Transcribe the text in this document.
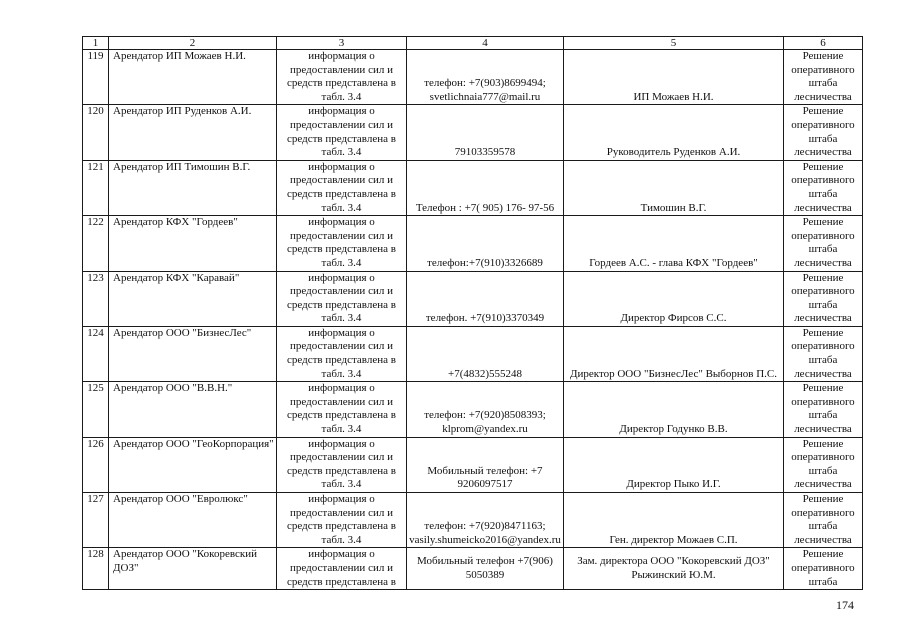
1	2	3	4	5	6
119	Арендатор ИП Можаев Н.И.	информация о предоставлении сил и средств представлена в табл. 3.4	телефон: +7(903)8699494; svetlichnaia777@mail.ru	ИП Можаев Н.И.	Решение оперативного штаба лесничества
120	Арендатор ИП Руденков А.И.	информация о предоставлении сил и средств представлена в табл. 3.4	79103359578	Руководитель Руденков А.И.	Решение оперативного штаба лесничества
121	Арендатор ИП Тимошин В.Г.	информация о предоставлении сил и средств представлена в табл. 3.4	Телефон : +7( 905) 176- 97-56	Тимошин В.Г.	Решение оперативного штаба лесничества
122	Арендатор КФХ "Гордеев"	информация о предоставлении сил и средств представлена в табл. 3.4	телефон:+7(910)3326689	Гордеев А.С. - глава КФХ "Гордеев"	Решение оперативного штаба лесничества
123	Арендатор КФХ "Каравай"	информация о предоставлении сил и средств представлена в табл. 3.4	телефон. +7(910)3370349	Директор Фирсов С.С.	Решение оперативного штаба лесничества
124	Арендатор ООО "БизнесЛес"	информация о предоставлении сил и средств представлена в табл. 3.4	+7(4832)555248	Директор ООО "БизнесЛес" Выборнов П.С.	Решение оперативного штаба лесничества
125	Арендатор ООО "В.В.Н."	информация о предоставлении сил и средств представлена в табл. 3.4	телефон: +7(920)8508393; klprom@yandex.ru	Директор Годунко В.В.	Решение оперативного штаба лесничества
126	Арендатор ООО "ГеоКорпорация"	информация о предоставлении сил и средств представлена в табл. 3.4	Мобильный телефон: +7 9206097517	Директор Пыко И.Г.	Решение оперативного штаба лесничества
127	Арендатор ООО "Евролюкс"	информация о предоставлении сил и средств представлена в табл. 3.4	телефон: +7(920)8471163; vasily.shumeicko2016@yandex.ru	Ген. директор Можаев С.П.	Решение оперативного штаба лесничества
128	Арендатор ООО "Кокоревский ДОЗ"	информация о предоставлении сил и средств представлена в	Мобильный телефон +7(906) 5050389	Зам. директора ООО "Кокоревский ДОЗ" Рыжинский Ю.М.	Решение оперативного штаба
174
